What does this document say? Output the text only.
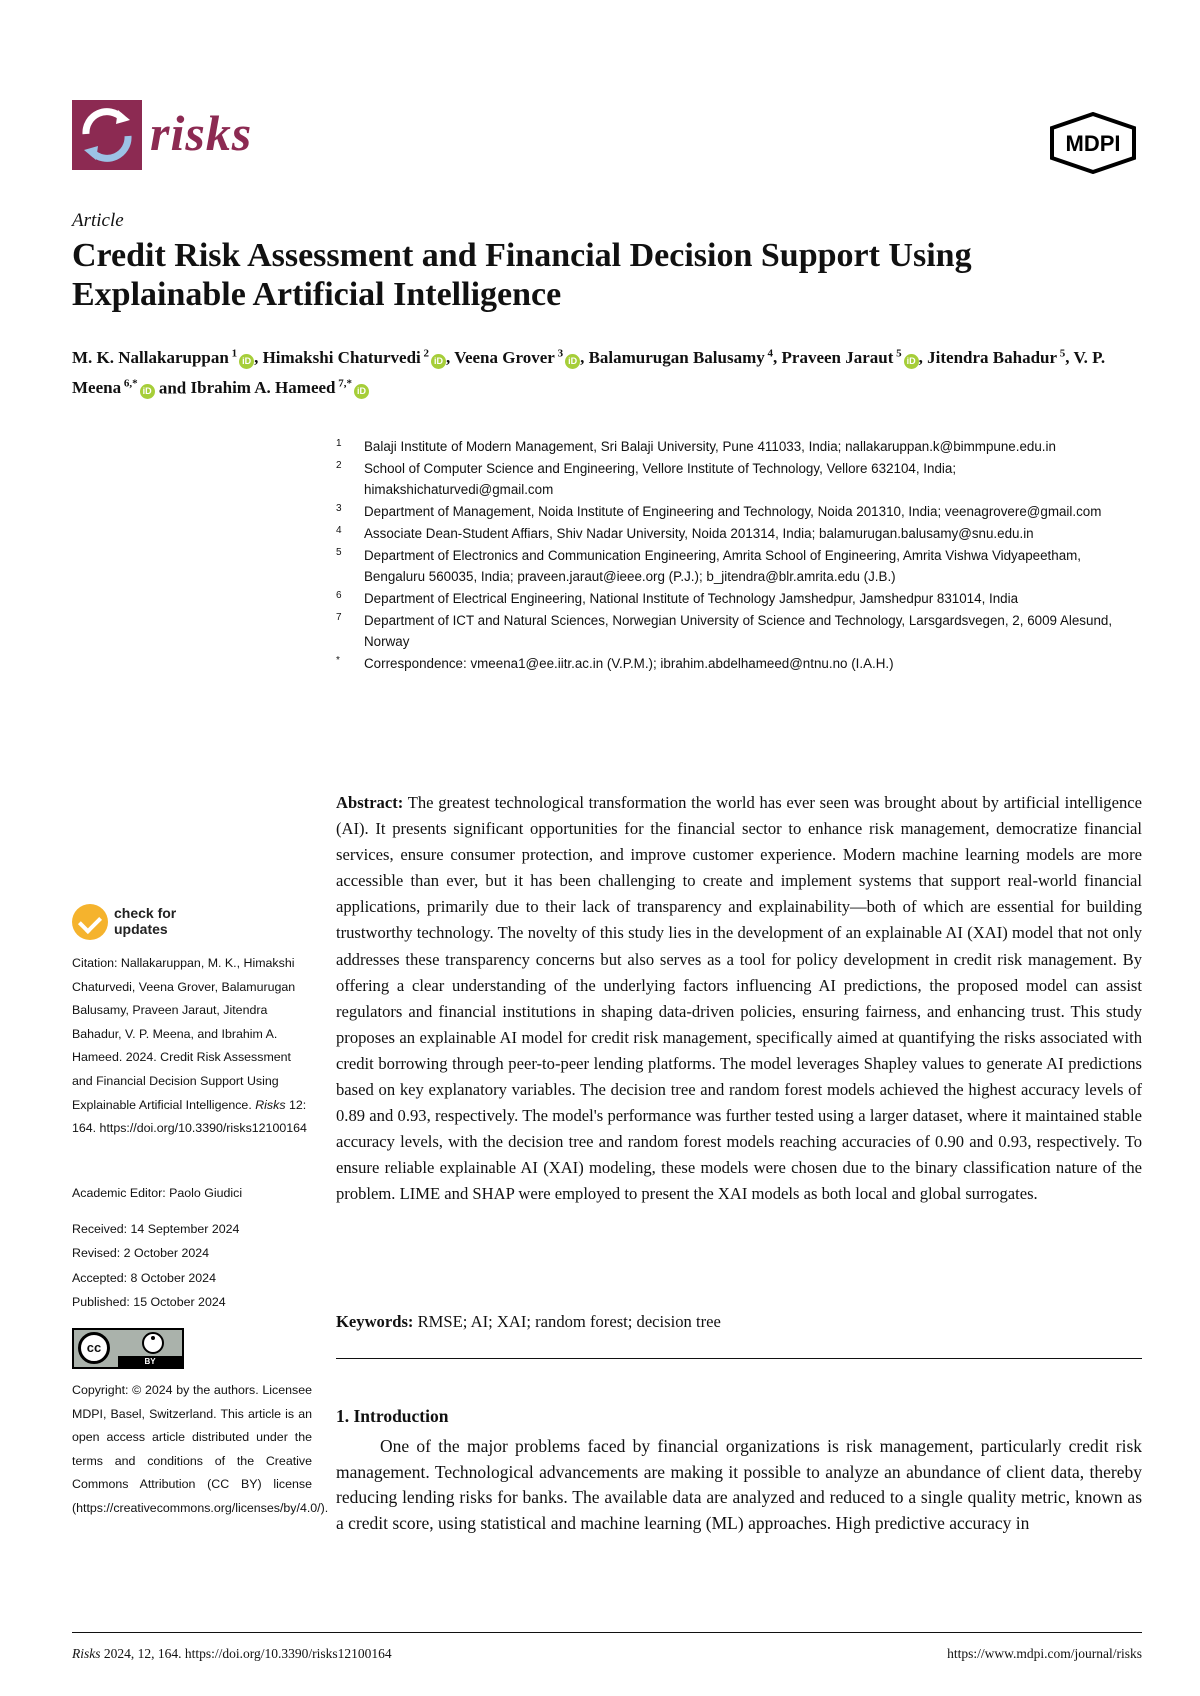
risks	MDPI
Article
Credit Risk Assessment and Financial Decision Support Using Explainable Artificial Intelligence
M. K. Nallakaruppan $^1$iD , Himakshi Chaturvedi $^2$iD , Veena Grover $^3$iD , Balamurugan Balusamy $^4$, Praveen Jaraut $^5$iD , Jitendra Bahadur $^5$, V. P. Meena $^{6,*}$iD and Ibrahim A. Hameed $^{7,*}$iD
1 Balaji Institute of Modern Management, Sri Balaji University, Pune 411033, India; nallakaruppan.k@bimmpune.edu.in
2 School of Computer Science and Engineering, Vellore Institute of Technology, Vellore 632104, India; himakshichaturvedi@gmail.com
3 Department of Management, Noida Institute of Engineering and Technology, Noida 201310, India; veenagrovere@gmail.com
4 Associate Dean-Student Affiars, Shiv Nadar University, Noida 201314, India; balamurugan.balusamy@snu.edu.in
5 Department of Electronics and Communication Engineering, Amrita School of Engineering, Amrita Vishwa Vidyapeetham, Bengaluru 560035, India; praveen.jaraut@ieee.org (P.J.); b_jitendra@blr.amrita.edu (J.B.)
6 Department of Electrical Engineering, National Institute of Technology Jamshedpur, Jamshedpur 831014, India
7 Department of ICT and Natural Sciences, Norwegian University of Science and Technology, Larsgardsvegen, 2, 6009 Alesund, Norway
* Correspondence: vmeena1@ee.iitr.ac.in (V.P.M.); ibrahim.abdelhameed@ntnu.no (I.A.H.)
Abstract: The greatest technological transformation the world has ever seen was brought about by artificial intelligence (AI). It presents significant opportunities for the financial sector to enhance risk management, democratize financial services, ensure consumer protection, and improve customer experience. Modern machine learning models are more accessible than ever, but it has been challenging to create and implement systems that support real-world financial applications, primarily due to their lack of transparency and explainability—both of which are essential for building trustworthy technology. The novelty of this study lies in the development of an explainable AI (XAI) model that not only addresses these transparency concerns but also serves as a tool for policy development in credit risk management. By offering a clear understanding of the underlying factors influencing AI predictions, the proposed model can assist regulators and financial institutions in shaping data-driven policies, ensuring fairness, and enhancing trust. This study proposes an explainable AI model for credit risk management, specifically aimed at quantifying the risks associated with credit borrowing through peer-to-peer lending platforms. The model leverages Shapley values to generate AI predictions based on key explanatory variables. The decision tree and random forest models achieved the highest accuracy levels of 0.89 and 0.93, respectively. The model's performance was further tested using a larger dataset, where it maintained stable accuracy levels, with the decision tree and random forest models reaching accuracies of 0.90 and 0.93, respectively. To ensure reliable explainable AI (XAI) modeling, these models were chosen due to the binary classification nature of the problem. LIME and SHAP were employed to present the XAI models as both local and global surrogates.
Keywords: RMSE; AI; XAI; random forest; decision tree
1. Introduction

One of the major problems faced by financial organizations is risk management, particularly credit risk management. Technological advancements are making it possible to analyze an abundance of client data, thereby reducing lending risks for banks. The available data are analyzed and reduced to a single quality metric, known as a credit score, using statistical and machine learning (ML) approaches. High predictive accuracy in

check for
updates
Citation: Nallakaruppan, M. K., Himakshi Chaturvedi, Veena Grover, Balamurugan Balusamy, Praveen Jaraut, Jitendra Bahadur, V. P. Meena, and Ibrahim A. Hameed. 2024. Credit Risk Assessment and Financial Decision Support Using Explainable Artificial Intelligence. Risks 12: 164. https://doi.org/10.3390/risks12100164
Academic Editor: Paolo Giudici
Received: 14 September 2024
Revised: 2 October 2024
Accepted: 8 October 2024
Published: 15 October 2024
cc
BY
Copyright: © 2024 by the authors. Licensee MDPI, Basel, Switzerland. This article is an open access article distributed under the terms and conditions of the Creative Commons Attribution (CC BY) license (https://creativecommons.org/licenses/by/4.0/).
Risks 2024, 12, 164. https://doi.org/10.3390/risks12100164	https://www.mdpi.com/journal/risks
